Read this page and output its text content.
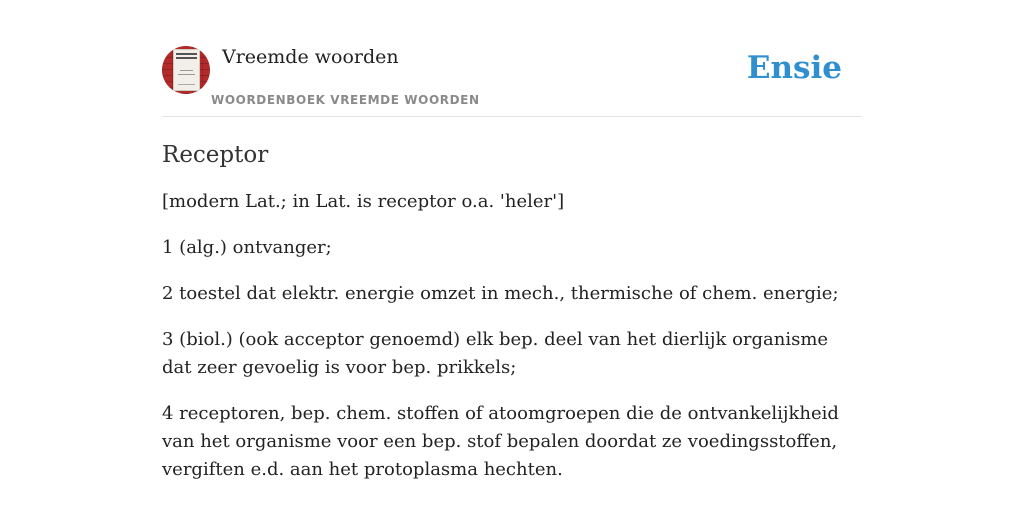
Vreemde woorden
WOORDENBOEK VREEMDE WOORDEN
Ensie
Receptor

[modern Lat.; in Lat. is receptor o.a. 'heler']

1 (alg.) ontvanger;

2 toestel dat elektr. energie omzet in mech., thermische of chem. energie;

3 (biol.) (ook acceptor genoemd) elk bep. deel van het dierlijk organisme dat zeer gevoelig is voor bep. prikkels;

4 receptoren, bep. chem. stoffen of atoomgroepen die de ontvankelijkheid van het organisme voor een bep. stof bepalen doordat ze voedingsstoffen, vergiften e.d. aan het protoplasma hechten.
